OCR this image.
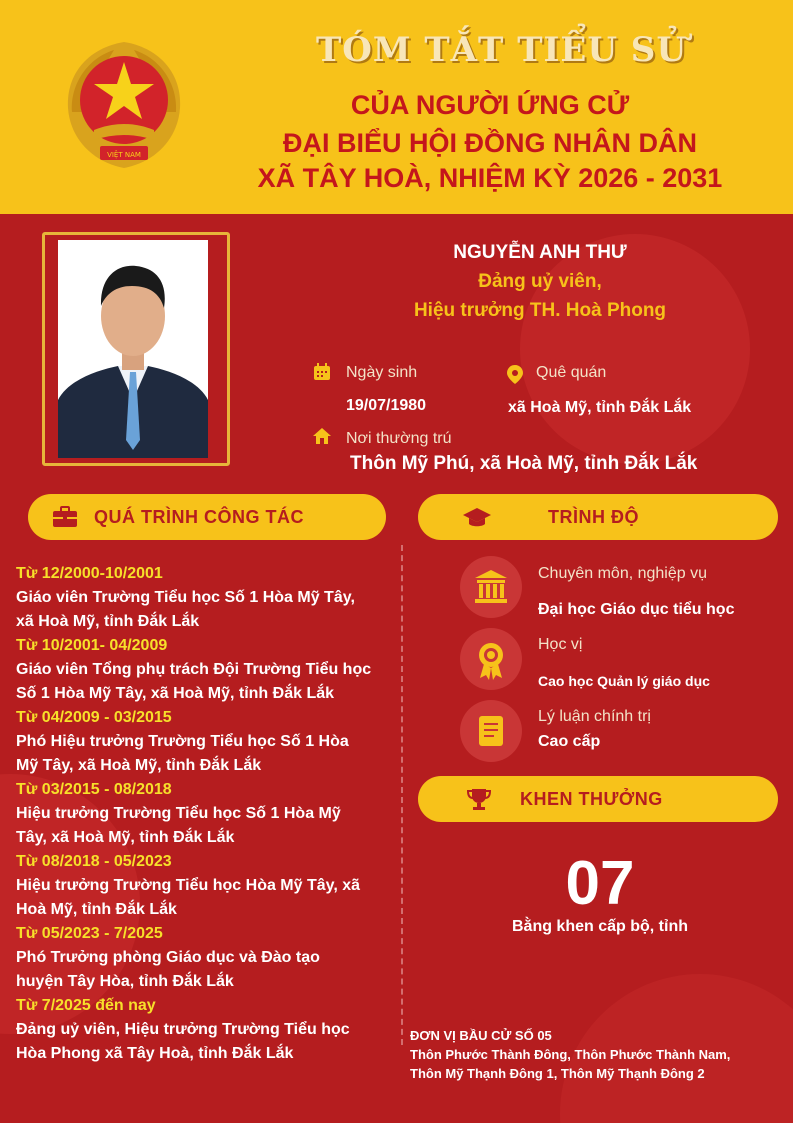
VIỆT NAM
TÓM TẮT TIỂU SỬ
CỦA NGƯỜI ỨNG CỬ
ĐẠI BIỂU HỘI ĐỒNG NHÂN DÂN
XÃ TÂY HOÀ, NHIỆM KỲ 2026 - 2031
NGUYỄN ANH THƯ
Đảng uỷ viên,
Hiệu trưởng TH. Hoà Phong
Ngày sinh
19/07/1980
Quê quán
xã Hoà Mỹ, tỉnh Đắk Lắk
Nơi thường trú
Thôn Mỹ Phú, xã Hoà Mỹ, tỉnh Đắk Lắk
QUÁ TRÌNH CÔNG TÁC	TRÌNH ĐỘ
KHEN THƯỞNG
Từ 12/2000-10/2001
Giáo viên Trường Tiểu học Số 1 Hòa Mỹ Tây,
xã Hoà Mỹ, tỉnh Đắk Lắk
Từ 10/2001- 04/2009
Giáo viên Tổng phụ trách Đội Trường Tiểu học
Số 1 Hòa Mỹ Tây, xã Hoà Mỹ, tỉnh Đắk Lắk
Từ 04/2009 - 03/2015
Phó Hiệu trưởng Trường Tiểu học Số 1 Hòa
Mỹ Tây, xã Hoà Mỹ, tỉnh Đắk Lắk
Từ 03/2015 - 08/2018
Hiệu trưởng Trường Tiểu học Số 1 Hòa Mỹ
Tây, xã Hoà Mỹ, tỉnh Đắk Lắk
Từ 08/2018 - 05/2023
Hiệu trưởng Trường Tiểu học Hòa Mỹ Tây, xã
Hoà Mỹ, tỉnh Đắk Lắk
Từ 05/2023 - 7/2025
Phó Trưởng phòng Giáo dục và Đào tạo
huyện Tây Hòa, tỉnh Đắk Lắk
Từ 7/2025 đến nay
Đảng uỷ viên, Hiệu trưởng Trường Tiểu học
Hòa Phong xã Tây Hoà, tỉnh Đắk Lắk
Chuyên môn, nghiệp vụ
Đại học Giáo dục tiểu học
Học vị
Cao học Quản lý giáo dục
Lý luận chính trị
Cao cấp
07
Bằng khen cấp bộ, tỉnh
ĐƠN VỊ BẦU CỬ SỐ 05
Thôn Phước Thành Đông, Thôn Phước Thành Nam,
Thôn Mỹ Thạnh Đông 1, Thôn Mỹ Thạnh Đông 2
